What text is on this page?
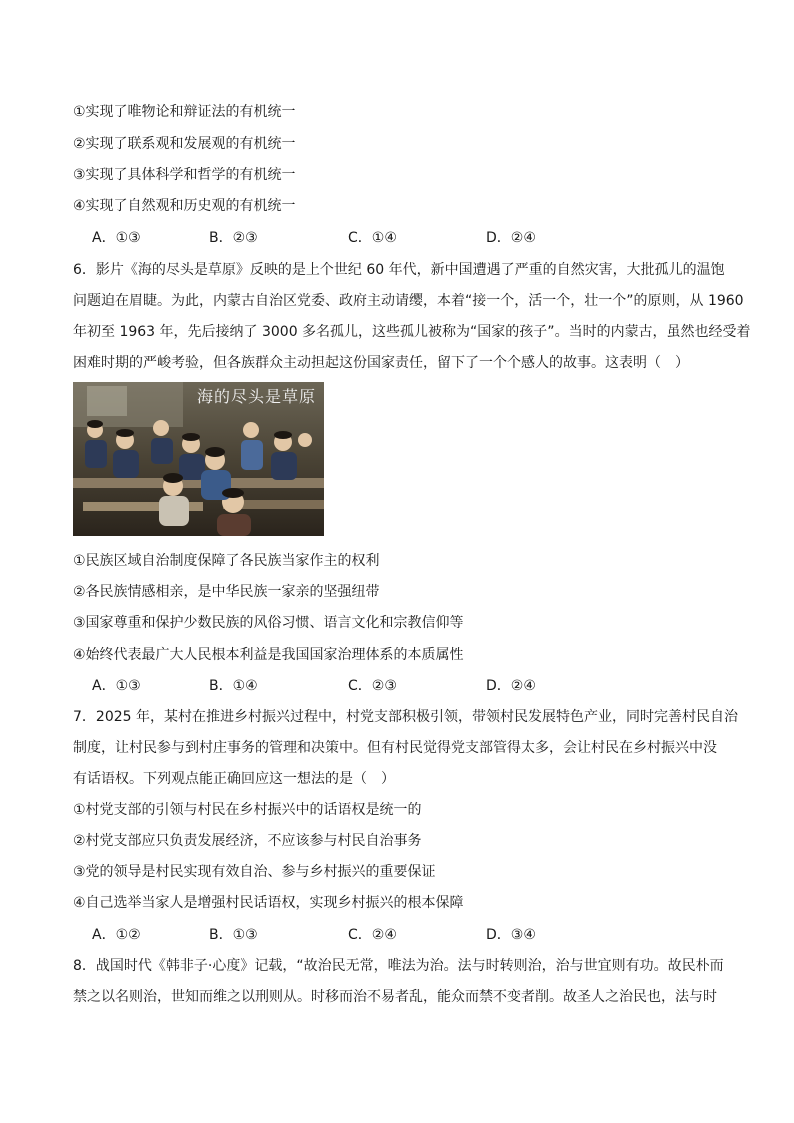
①实现了唯物论和辩证法的有机统一
②实现了联系观和发展观的有机统一
③实现了具体科学和哲学的有机统一
④实现了自然观和历史观的有机统一
A．①③	B．②③	C．①④	D．②④
6．影片《海的尽头是草原》反映的是上个世纪 60 年代，新中国遭遇了严重的自然灾害，大批孤儿的温饱
问题迫在眉睫。为此，内蒙古自治区党委、政府主动请缨，本着“接一个，活一个，壮一个”的原则，从 1960
年初至 1963 年，先后接纳了 3000 多名孤儿，这些孤儿被称为“国家的孩子”。当时的内蒙古，虽然也经受着
困难时期的严峻考验，但各族群众主动担起这份国家责任，留下了一个个感人的故事。这表明（　）
海的尽头是草原
①民族区域自治制度保障了各民族当家作主的权利
②各民族情感相亲，是中华民族一家亲的坚强纽带
③国家尊重和保护少数民族的风俗习惯、语言文化和宗教信仰等
④始终代表最广大人民根本利益是我国国家治理体系的本质属性
A．①③	B．①④	C．②③	D．②④
7．2025 年，某村在推进乡村振兴过程中，村党支部积极引领，带领村民发展特色产业，同时完善村民自治
制度，让村民参与到村庄事务的管理和决策中。但有村民觉得党支部管得太多，会让村民在乡村振兴中没
有话语权。下列观点能正确回应这一想法的是（　）
①村党支部的引领与村民在乡村振兴中的话语权是统一的
②村党支部应只负责发展经济，不应该参与村民自治事务
③党的领导是村民实现有效自治、参与乡村振兴的重要保证
④自己选举当家人是增强村民话语权，实现乡村振兴的根本保障
A．①②	B．①③	C．②④	D．③④
8．战国时代《韩非子·心度》记载，“故治民无常，唯法为治。法与时转则治，治与世宜则有功。故民朴而
禁之以名则治，世知而维之以刑则从。时移而治不易者乱，能众而禁不变者削。故圣人之治民也，法与时
